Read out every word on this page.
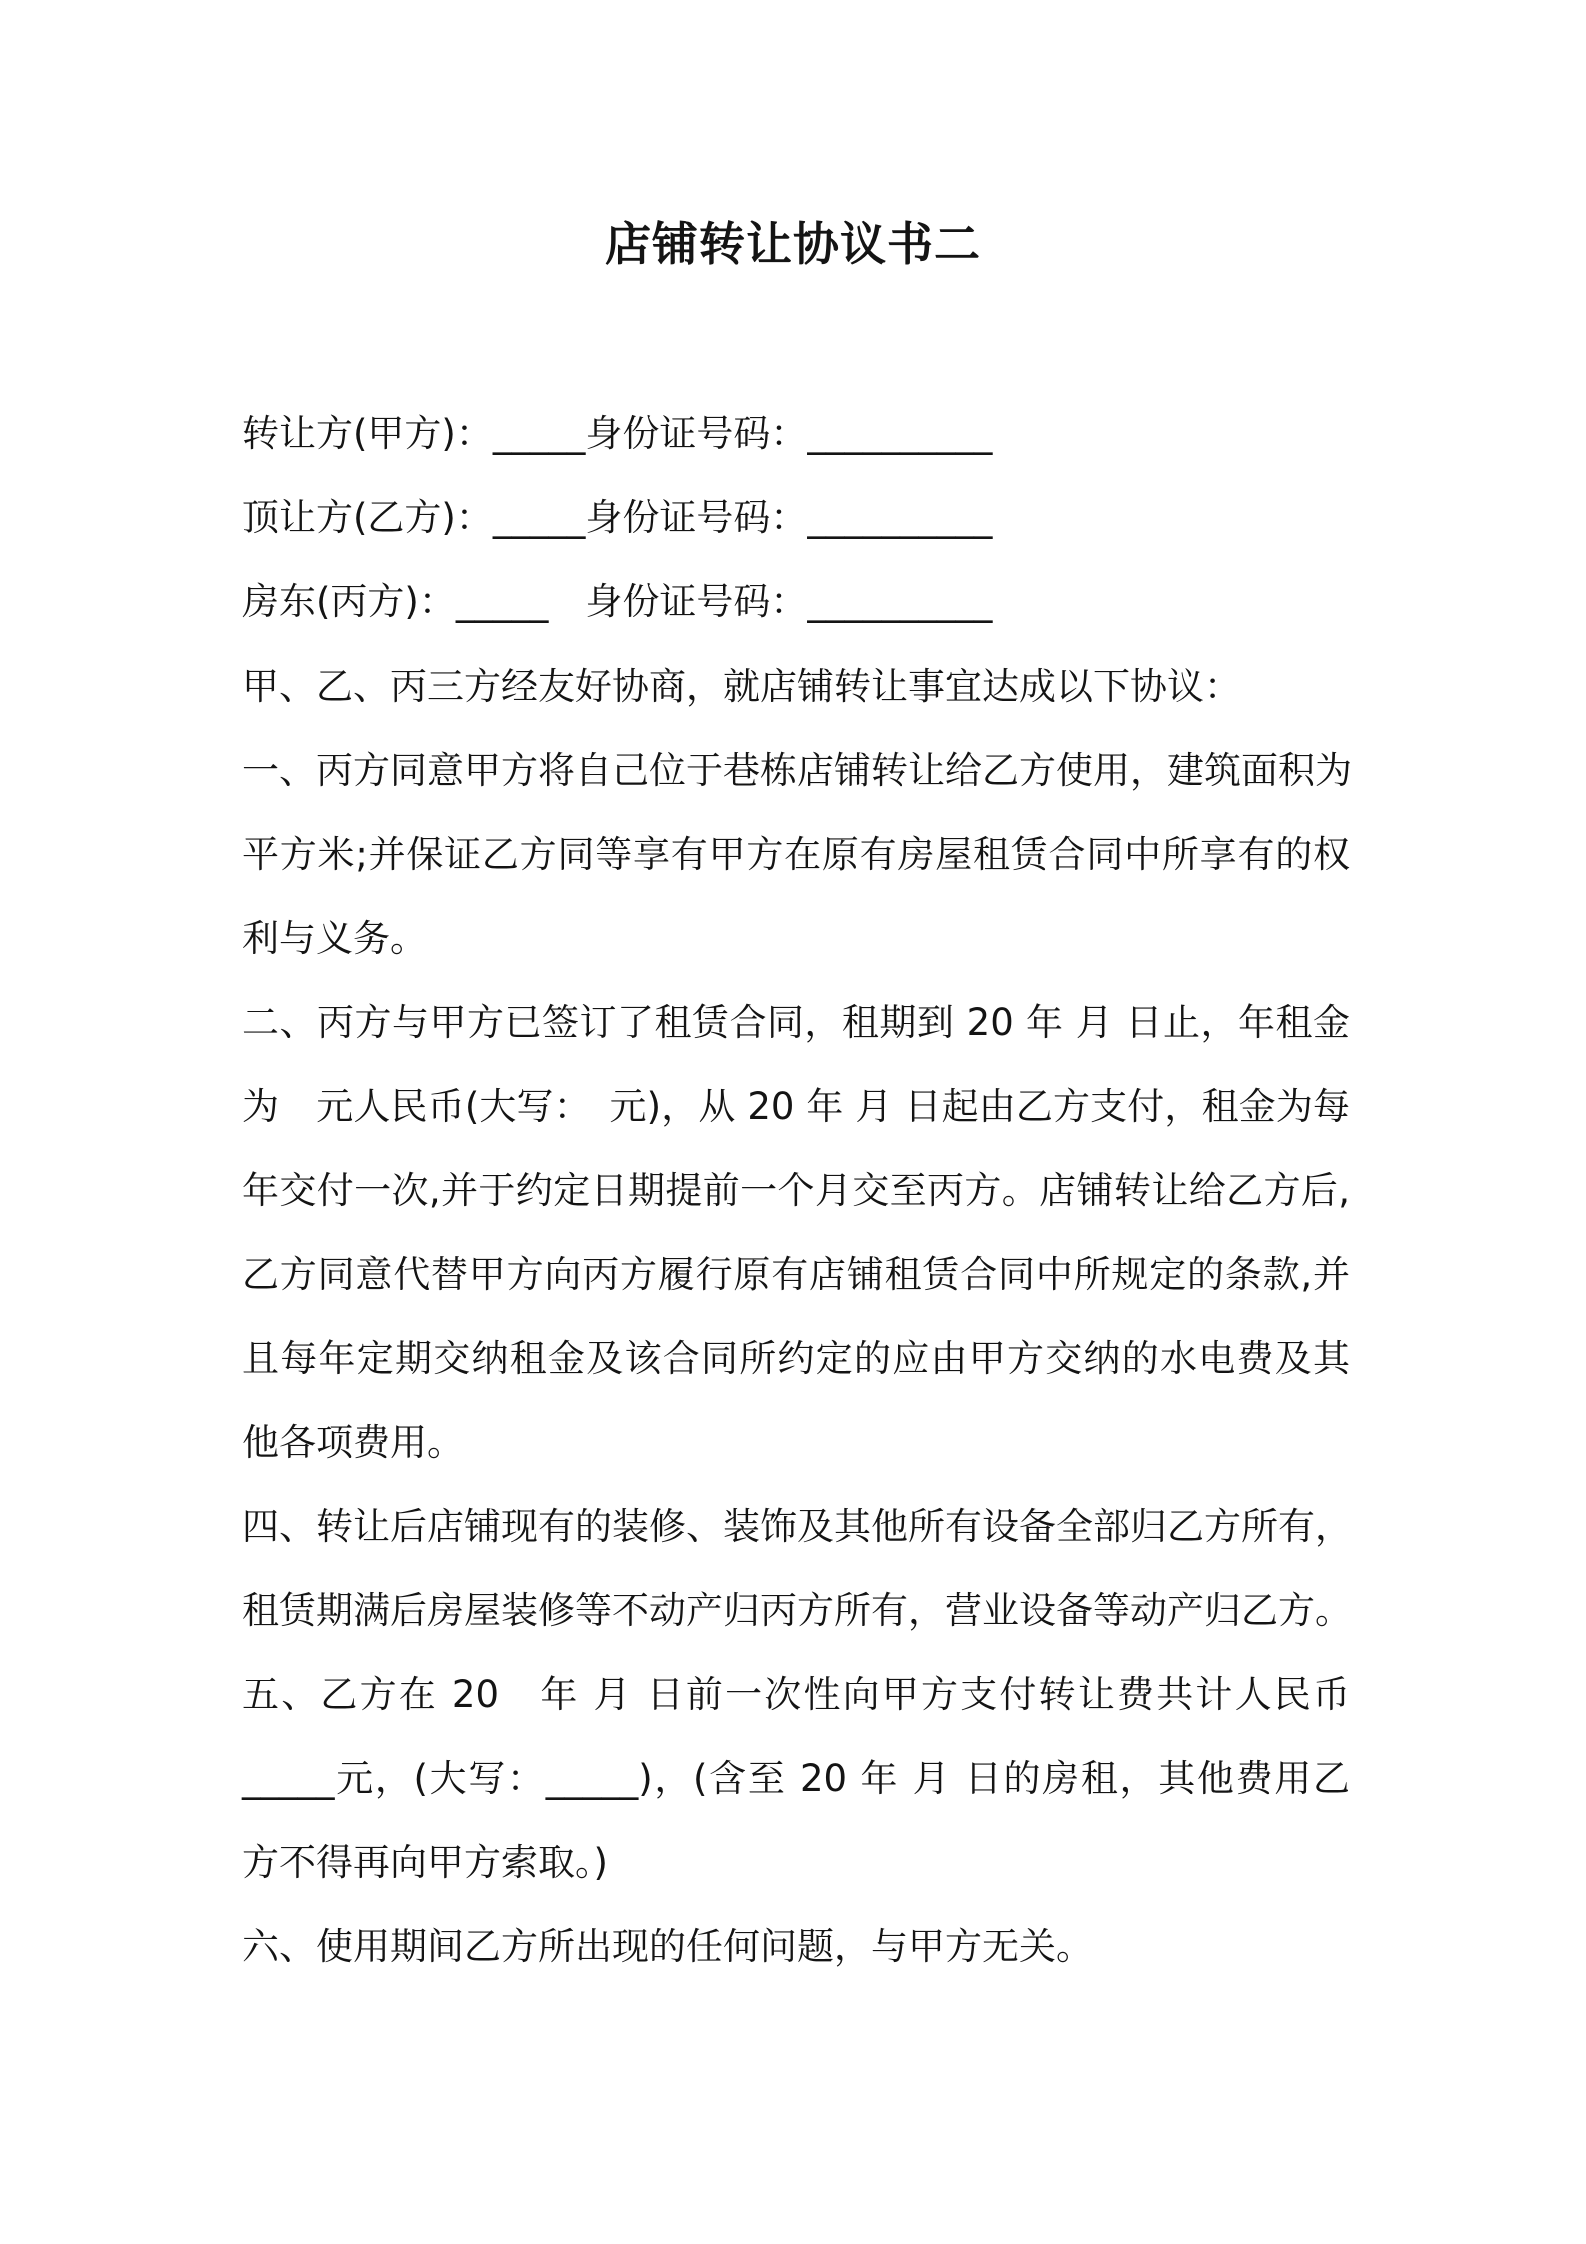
店铺转让协议书二
转让方(甲方)：_____身份证号码：__________
顶让方(乙方)：_____身份证号码：__________
房东(丙方)：_____　身份证号码：__________
甲、乙、丙三方经友好协商，就店铺转让事宜达成以下协议：
一、丙方同意甲方将自己位于巷栋店铺转让给乙方使用，建筑面积为
平方米;并保证乙方同等享有甲方在原有房屋租赁合同中所享有的权
利与义务。
二、丙方与甲方已签订了租赁合同，租期到 20 年 月 日止，年租金
为　元人民币(大写：　元)，从 20 年 月 日起由乙方支付，租金为每
年交付一次,并于约定日期提前一个月交至丙方。店铺转让给乙方后,
乙方同意代替甲方向丙方履行原有店铺租赁合同中所规定的条款,并
且每年定期交纳租金及该合同所约定的应由甲方交纳的水电费及其
他各项费用。
四、转让后店铺现有的装修、装饰及其他所有设备全部归乙方所有，
租赁期满后房屋装修等不动产归丙方所有，营业设备等动产归乙方。
五、乙方在 20　年 月 日前一次性向甲方支付转让费共计人民币
_____元，(大写：_____)，(含至 20 年 月 日的房租，其他费用乙
方不得再向甲方索取。)
六、使用期间乙方所出现的任何问题，与甲方无关。
